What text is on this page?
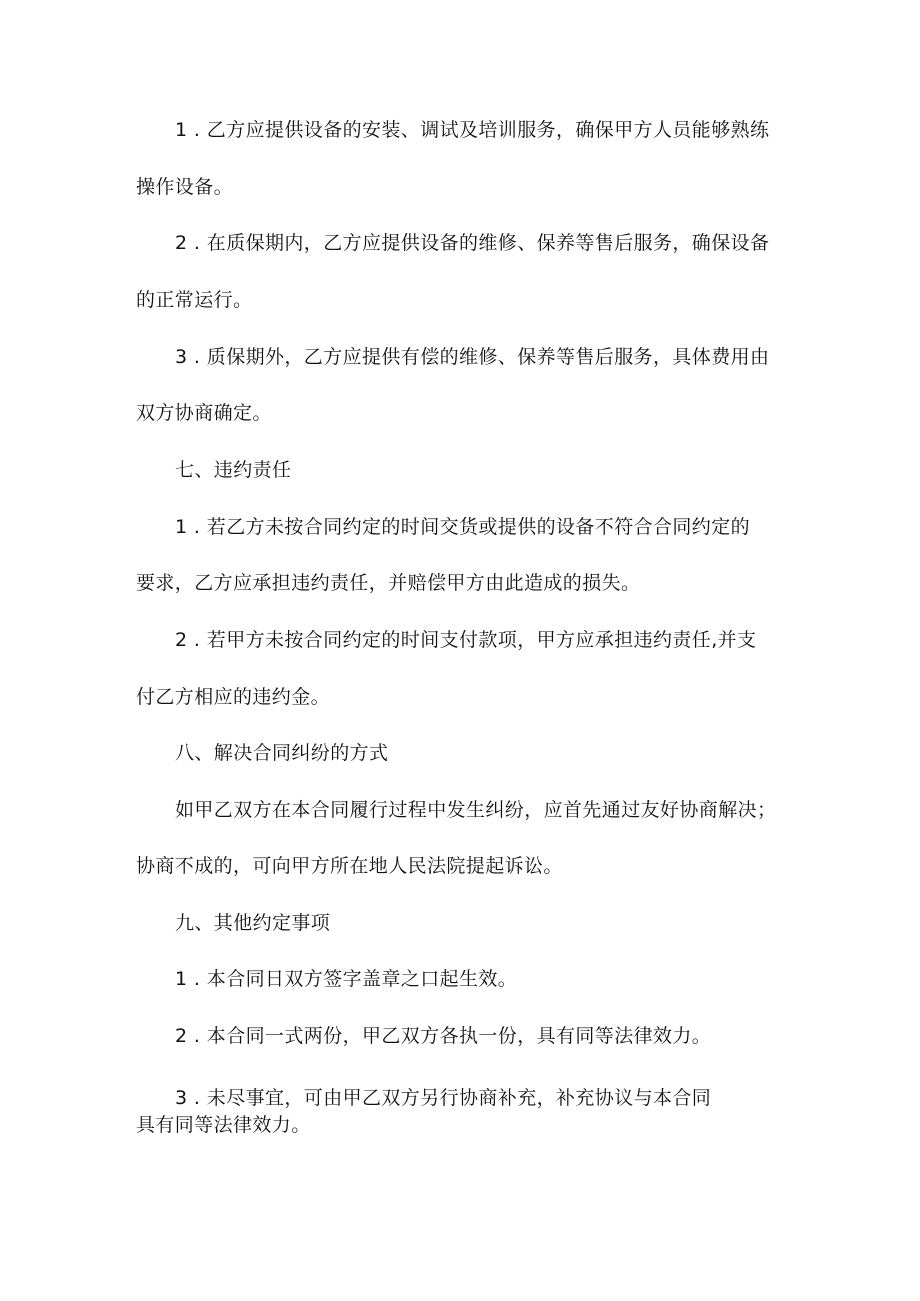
1 . 乙方应提供设备的安装、调试及培训服务，确保甲方人员能够熟练
操作设备。
2 . 在质保期内，乙方应提供设备的维修、保养等售后服务，确保设备
的正常运行。
3 . 质保期外，乙方应提供有偿的维修、保养等售后服务，具体费用由
双方协商确定。
七、违约责任
1 . 若乙方未按合同约定的时间交货或提供的设备不符合合同约定的
要求，乙方应承担违约责任，并赔偿甲方由此造成的损失。
2 . 若甲方未按合同约定的时间支付款项，甲方应承担违约责任,并支
付乙方相应的违约金。
八、解决合同纠纷的方式
如甲乙双方在本合同履行过程中发生纠纷，应首先通过友好协商解决；
协商不成的，可向甲方所在地人民法院提起诉讼。
九、其他约定事项
1 . 本合同日双方签字盖章之口起生效。
2 . 本合同一式两份，甲乙双方各执一份，具有同等法律效力。
3 . 未尽事宜，可由甲乙双方另行协商补充，补充协议与本合同
具有同等法律效力。
